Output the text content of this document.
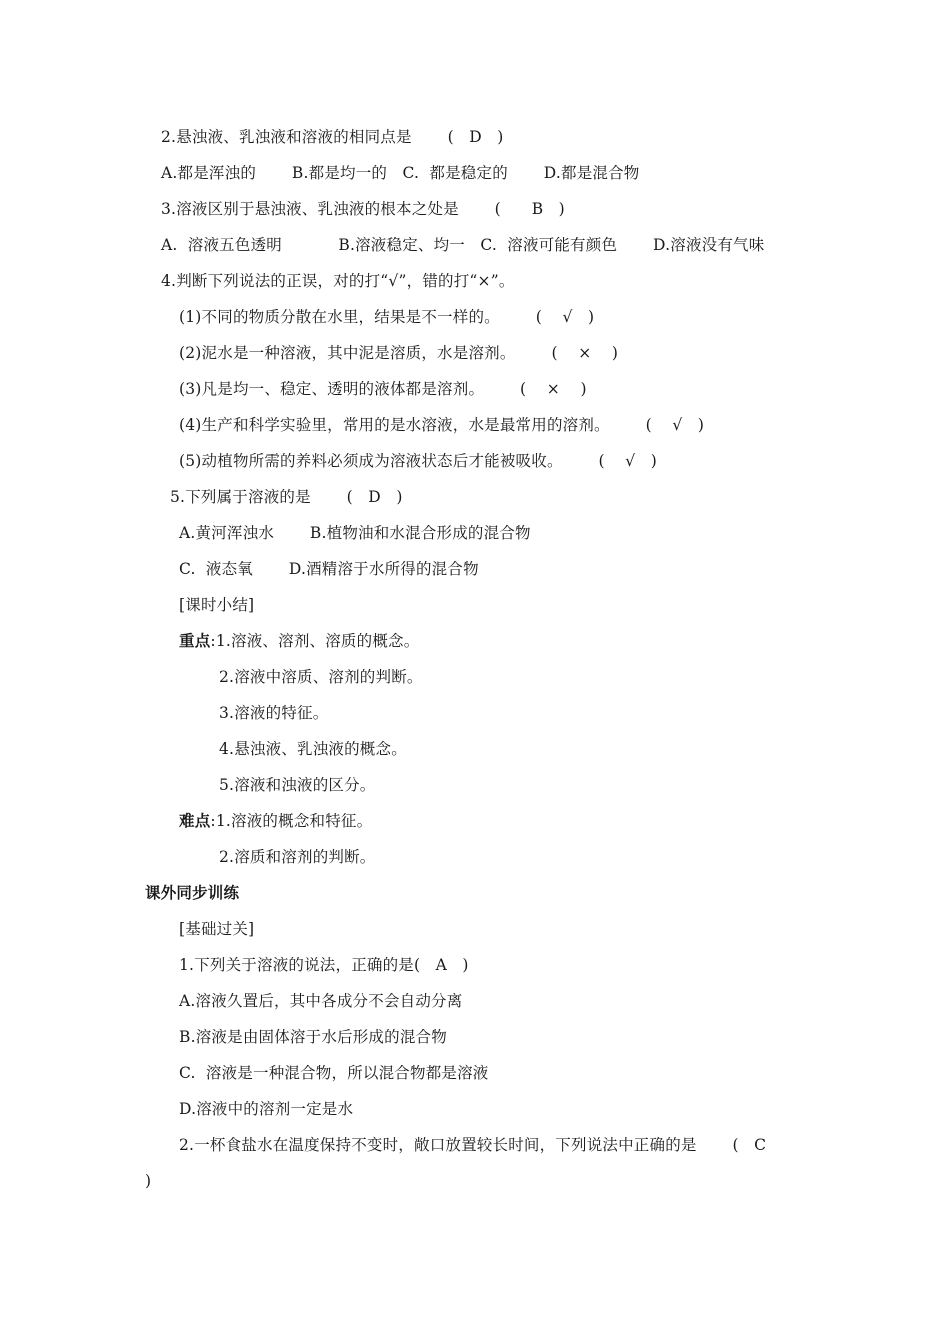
2.悬浊液、乳浊液和溶液的相同点是       (   D   )
A.都是浑浊的       B.都是均一的   C.  都是稳定的       D.都是混合物
3.溶液区别于悬浊液、乳浊液的根本之处是       (      B   )
A.  溶液五色透明           B.溶液稳定、均一   C.  溶液可能有颜色       D.溶液没有气味
4.判断下列说法的正误，对的打“√”，错的打“×”。
(1)不同的物质分散在水里，结果是不一样的。       (    √   )
(2)泥水是一种溶液，其中泥是溶质，水是溶剂。       (    ×    )
(3)凡是均一、稳定、透明的液体都是溶剂。       (    ×    )
(4)生产和科学实验里，常用的是水溶液，水是最常用的溶剂。       (    √   )
(5)动植物所需的养料必须成为溶液状态后才能被吸收。       (    √   )
5.下列属于溶液的是       (   D   )
A.黄河浑浊水       B.植物油和水混合形成的混合物
C.  液态氧       D.酒精溶于水所得的混合物
[课时小结]
重点:1.溶液、溶剂、溶质的概念。
2.溶液中溶质、溶剂的判断。
3.溶液的特征。
4.悬浊液、乳浊液的概念。
5.溶液和浊液的区分。
难点:1.溶液的概念和特征。
2.溶质和溶剂的判断。
课外同步训练
[基础过关]
1.下列关于溶液的说法，正确的是(   A   )
A.溶液久置后，其中各成分不会自动分离
B.溶液是由固体溶于水后形成的混合物
C.  溶液是一种混合物，所以混合物都是溶液
D.溶液中的溶剂一定是水
2.一杯食盐水在温度保持不变时，敞口放置较长时间，下列说法中正确的是       (   C
)
